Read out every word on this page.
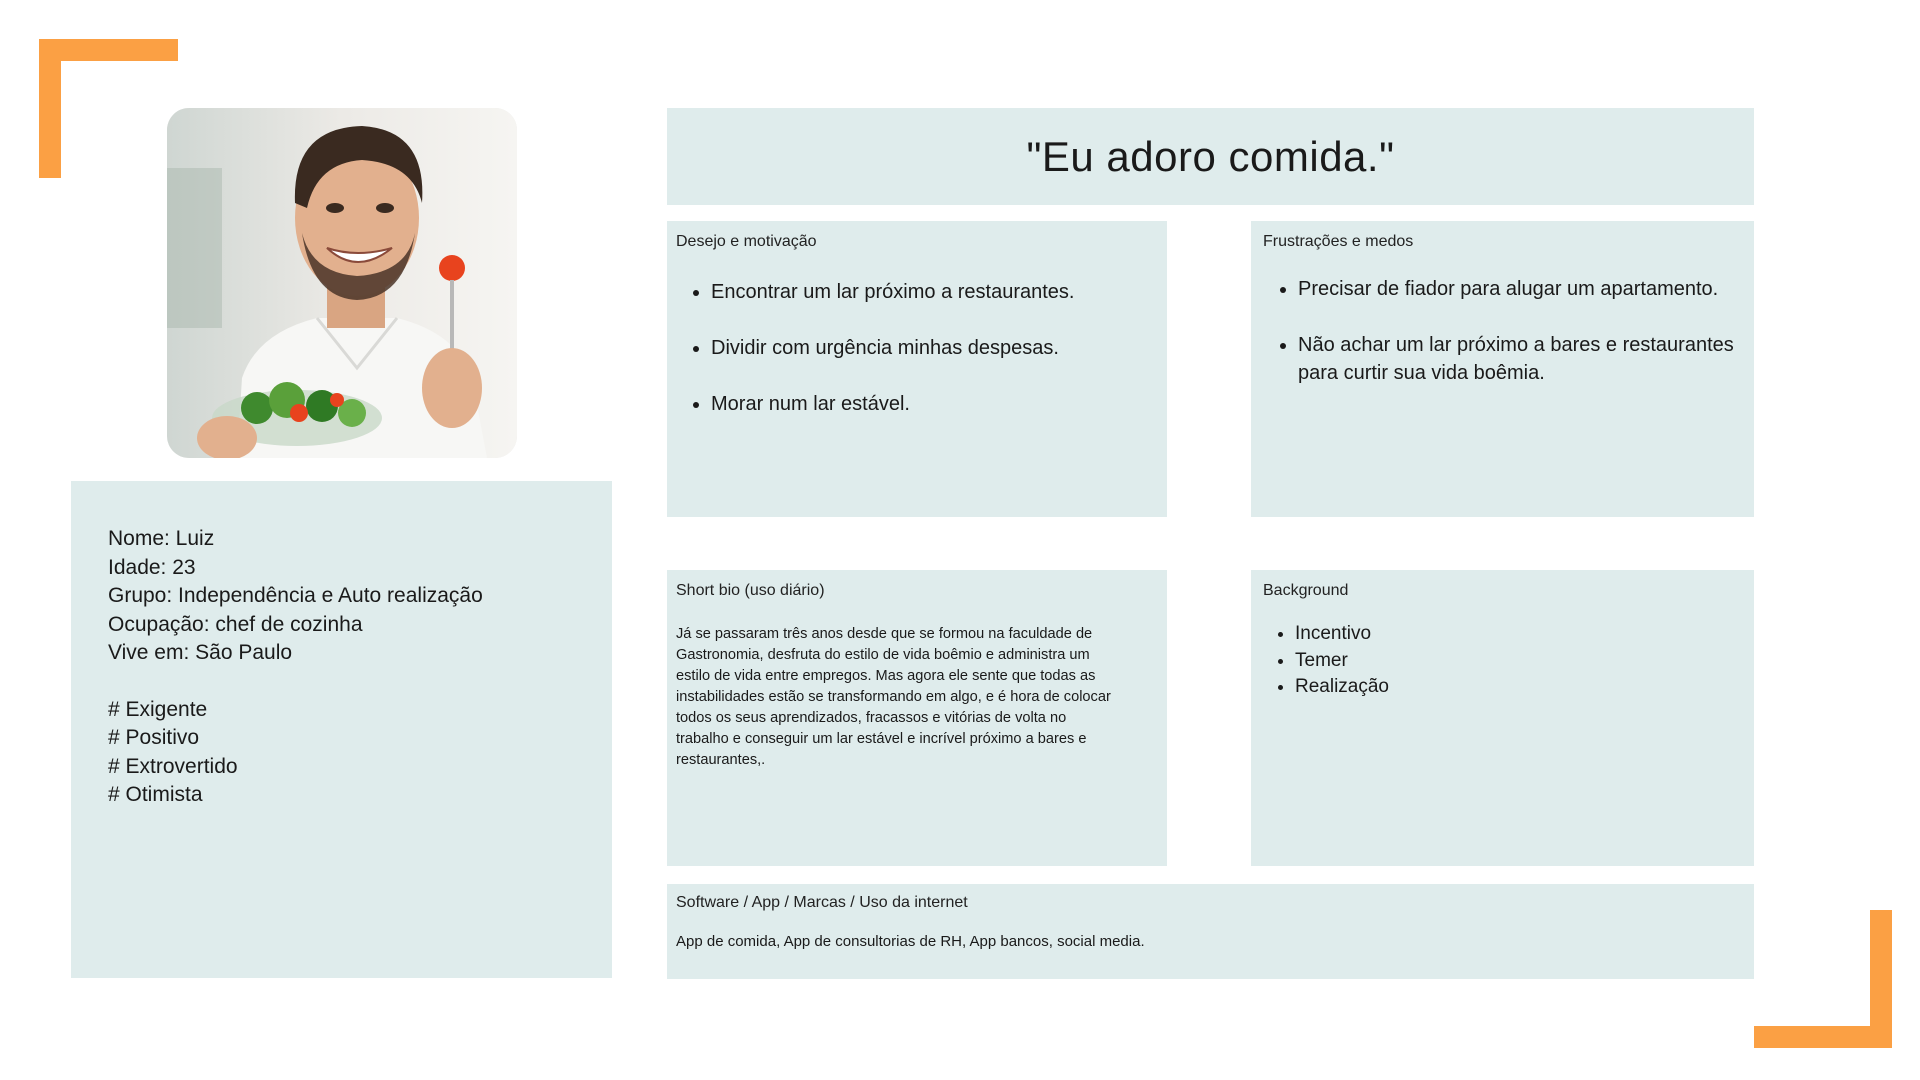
Nome: Luiz
Idade: 23
Grupo: Independência e Auto realização
Ocupação: chef de cozinha
Vive em: São Paulo
# Exigente
# Positivo
# Extrovertido
# Otimista
"Eu adoro comida."

Desejo e motivação

• Encontrar um lar próximo a restaurantes.
• Dividir com urgência minhas despesas.
• Morar num lar estável.

Frustrações e medos

• Precisar de fiador para alugar um apartamento.
• Não achar um lar próximo a bares e restaurantes para curtir sua vida boêmia.

Short bio (uso diário)

Já se passaram três anos desde que se formou na faculdade de Gastronomia, desfruta do estilo de vida boêmio e administra um estilo de vida entre empregos. Mas agora ele sente que todas as instabilidades estão se transformando em algo, e é hora de colocar todos os seus aprendizados, fracassos e vitórias de volta no trabalho e conseguir um lar estável e incrível próximo a bares e restaurantes,.

Background

• Incentivo
• Temer
• Realização

Software / App / Marcas / Uso da internet

App de comida, App de consultorias de RH, App bancos, social media.
